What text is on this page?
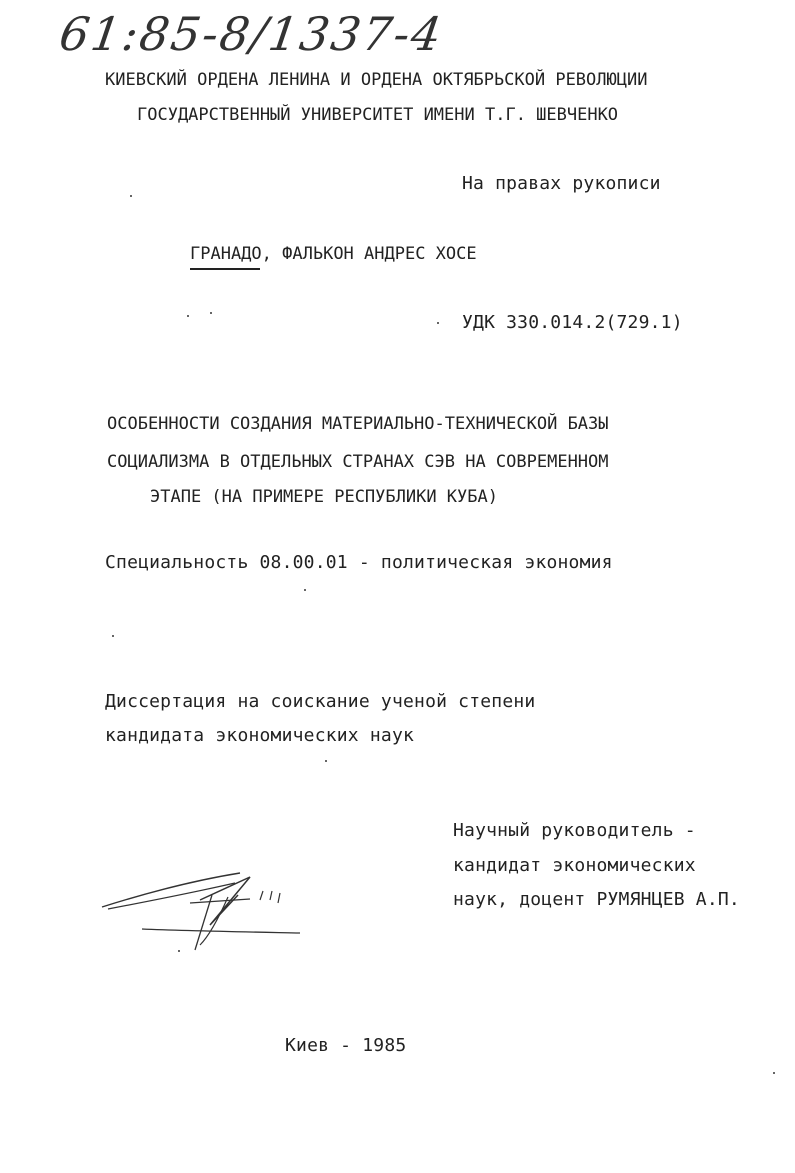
61:85-8/1337-4
КИЕВСКИЙ ОРДЕНА ЛЕНИНА И ОРДЕНА ОКТЯБРЬСКОЙ РЕВОЛЮЦИИ
ГОСУДАРСТВЕННЫЙ УНИВЕРСИТЕТ ИМЕНИ Т.Г. ШЕВЧЕНКО
На правах рукописи
ГРАНАДО, ФАЛЬКОН АНДРЕС ХОСЕ
УДК 330.014.2(729.1)
ОСОБЕННОСТИ СОЗДАНИЯ МАТЕРИАЛЬНО-ТЕХНИЧЕСКОЙ БАЗЫ
СОЦИАЛИЗМА В ОТДЕЛЬНЫХ СТРАНАХ СЭВ НА СОВРЕМЕННОМ
ЭТАПЕ (НА ПРИМЕРЕ РЕСПУБЛИКИ КУБА)
Специальность 08.00.01 - политическая экономия
Диссертация на соискание ученой степени
кандидата экономических наук
Научный руководитель -
кандидат экономических
наук, доцент РУМЯНЦЕВ А.П.
Киев - 1985
